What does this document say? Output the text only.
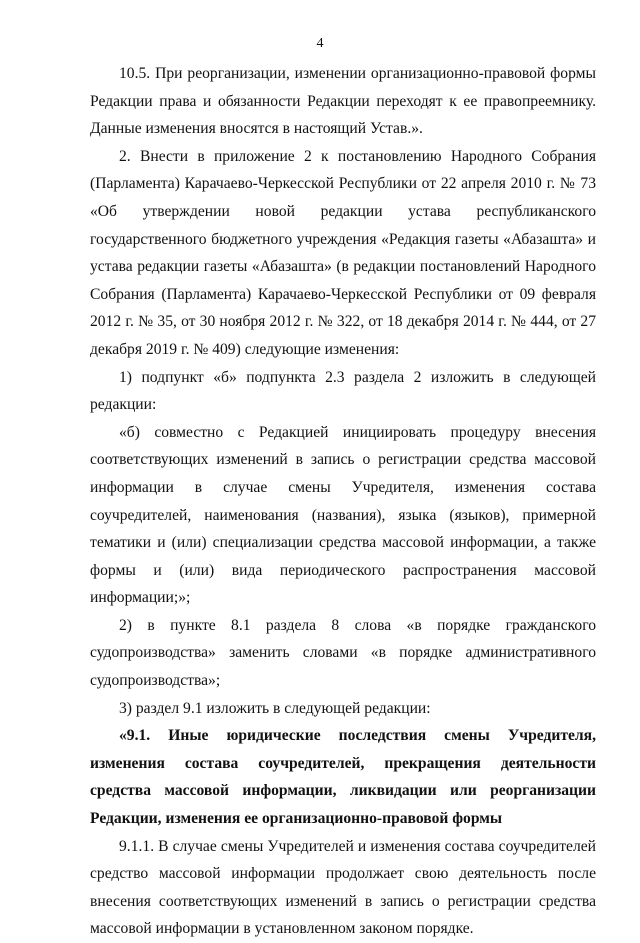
4

10.5. При реорганизации, изменении организационно-правовой формы Редакции права и обязанности Редакции переходят к ее правопреемнику. Данные изменения вносятся в настоящий Устав.».

2. Внести в приложение 2 к постановлению Народного Собрания (Парламента) Карачаево-Черкесской Республики от 22 апреля 2010 г. № 73 «Об утверждении новой редакции устава республиканского государственного бюджетного учреждения «Редакция газеты «Абазашта» и устава редакции газеты «Абазашта» (в редакции постановлений Народного Собрания (Парламента) Карачаево-Черкесской Республики от 09 февраля 2012 г. № 35, от 30 ноября 2012 г. № 322, от 18 декабря 2014 г. № 444, от 27 декабря 2019 г. № 409) следующие изменения:

1) подпункт «б» подпункта 2.3 раздела 2 изложить в следующей редакции:

«б) совместно с Редакцией инициировать процедуру внесения соответствующих изменений в запись о регистрации средства массовой информации в случае смены Учредителя, изменения состава соучредителей, наименования (названия), языка (языков), примерной тематики и (или) специализации средства массовой информации, а также формы и (или) вида периодического распространения массовой информации;»;

2) в пункте 8.1 раздела 8 слова «в порядке гражданского судопроизводства» заменить словами «в порядке административного судопроизводства»;

3) раздел 9.1 изложить в следующей редакции:

«9.1. Иные юридические последствия смены Учредителя, изменения состава соучредителей, прекращения деятельности средства массовой информации, ликвидации или реорганизации Редакции, изменения ее организационно-правовой формы

9.1.1. В случае смены Учредителей и изменения состава соучредителей средство массовой информации продолжает свою деятельность после внесения соответствующих изменений в запись о регистрации средства массовой информации в установленном законом порядке.
